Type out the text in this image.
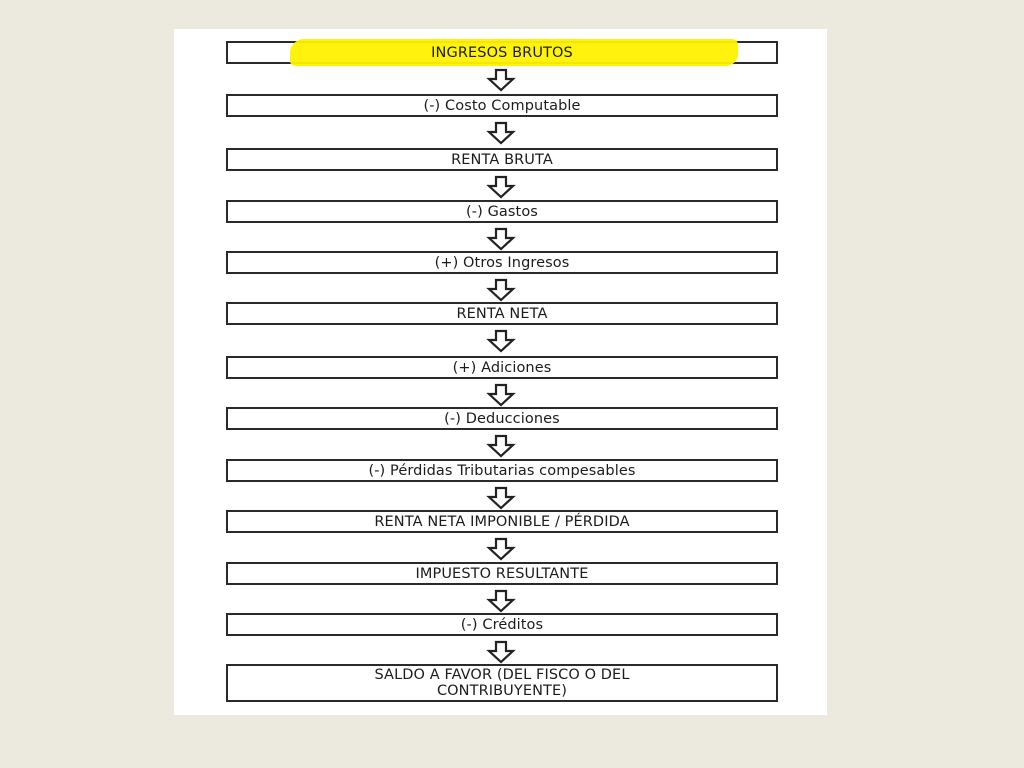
INGRESOS BRUTOS
(-) Costo Computable
RENTA BRUTA
(-) Gastos
(+) Otros Ingresos
RENTA NETA
(+) Adiciones
(-) Deducciones
(-) Pérdidas Tributarias compesables
RENTA NETA IMPONIBLE / PÉRDIDA
IMPUESTO RESULTANTE
(-) Créditos
SALDO A FAVOR (DEL FISCO O DEL
CONTRIBUYENTE)
